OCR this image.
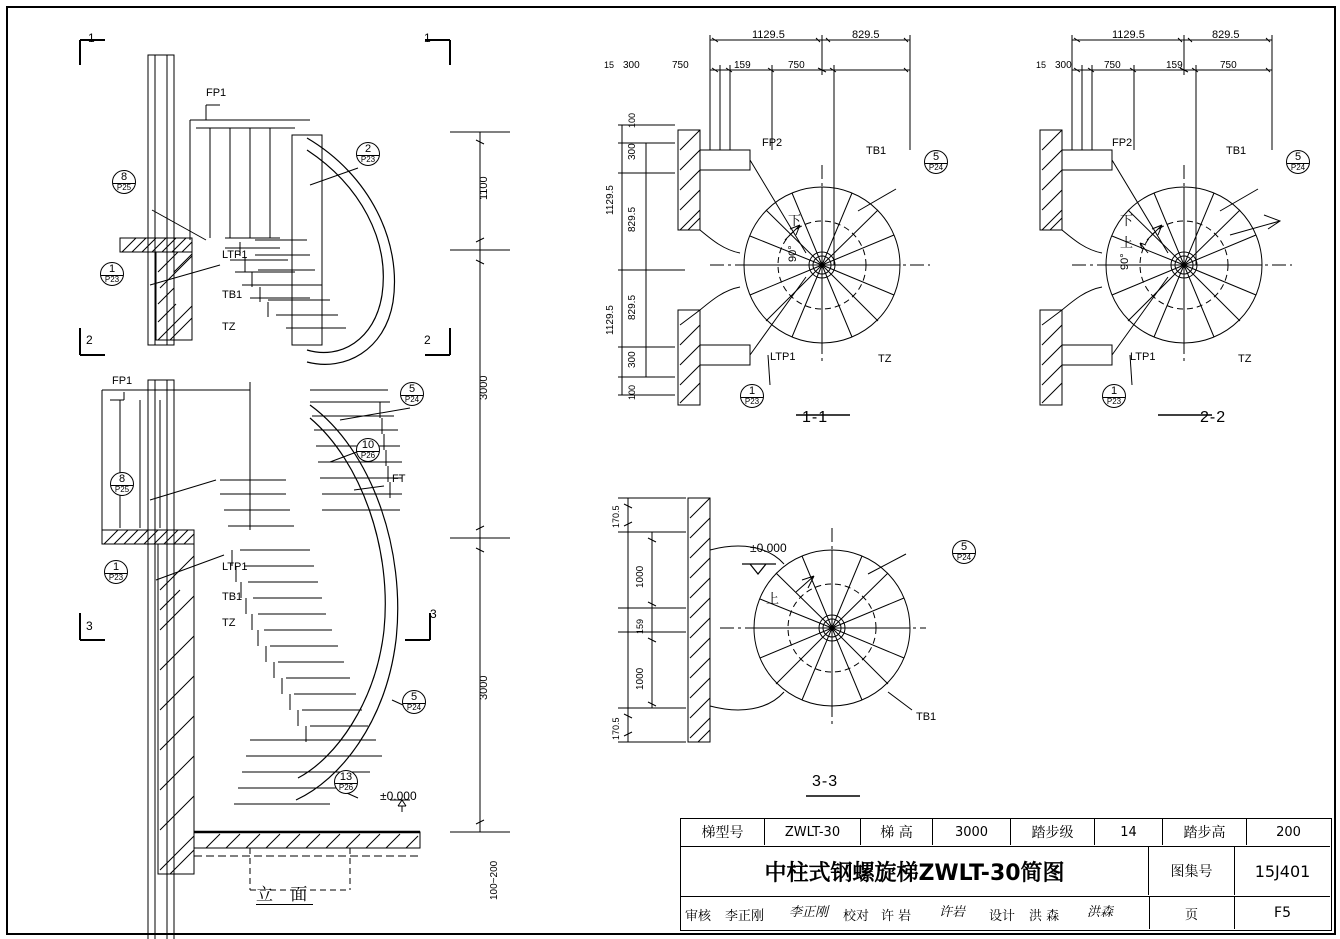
1	1
2	2
3
3
FP1
LTP1
TB1
TZ
FP1
LTP1
TB1
TZ
FT
±0.000
1100
3000
3000
100~200
8
P25
2
P23
1
P23
5
P24
10
P26
8
P25
1
P23
5
P24
13
P26
立 面
1129.5	829.5
15 300	750	159	750
100
300
829.5
829.5
300
100
1129.5
1129.5
FP2
TB1
LTP1	TZ
下
90°
5
P24
1
P23
1-1
1129.5	829.5
15 300	750	159	750
FP2
TB1
LTP1	TZ
下
上
90°
5
P24
1
P23
2-2
170.5
1000
159
1000
170.5
±0.000
上
TB1
5
P24
3-3
梯型号	ZWLT-30	梯 高	3000	踏步级	14	踏步高	200
中柱式钢螺旋梯ZWLT-30简图	图集号	15J401
审核 李正刚 李正刚 校对 许 岩 许岩 设计 洪 森 洪森	页	F5
